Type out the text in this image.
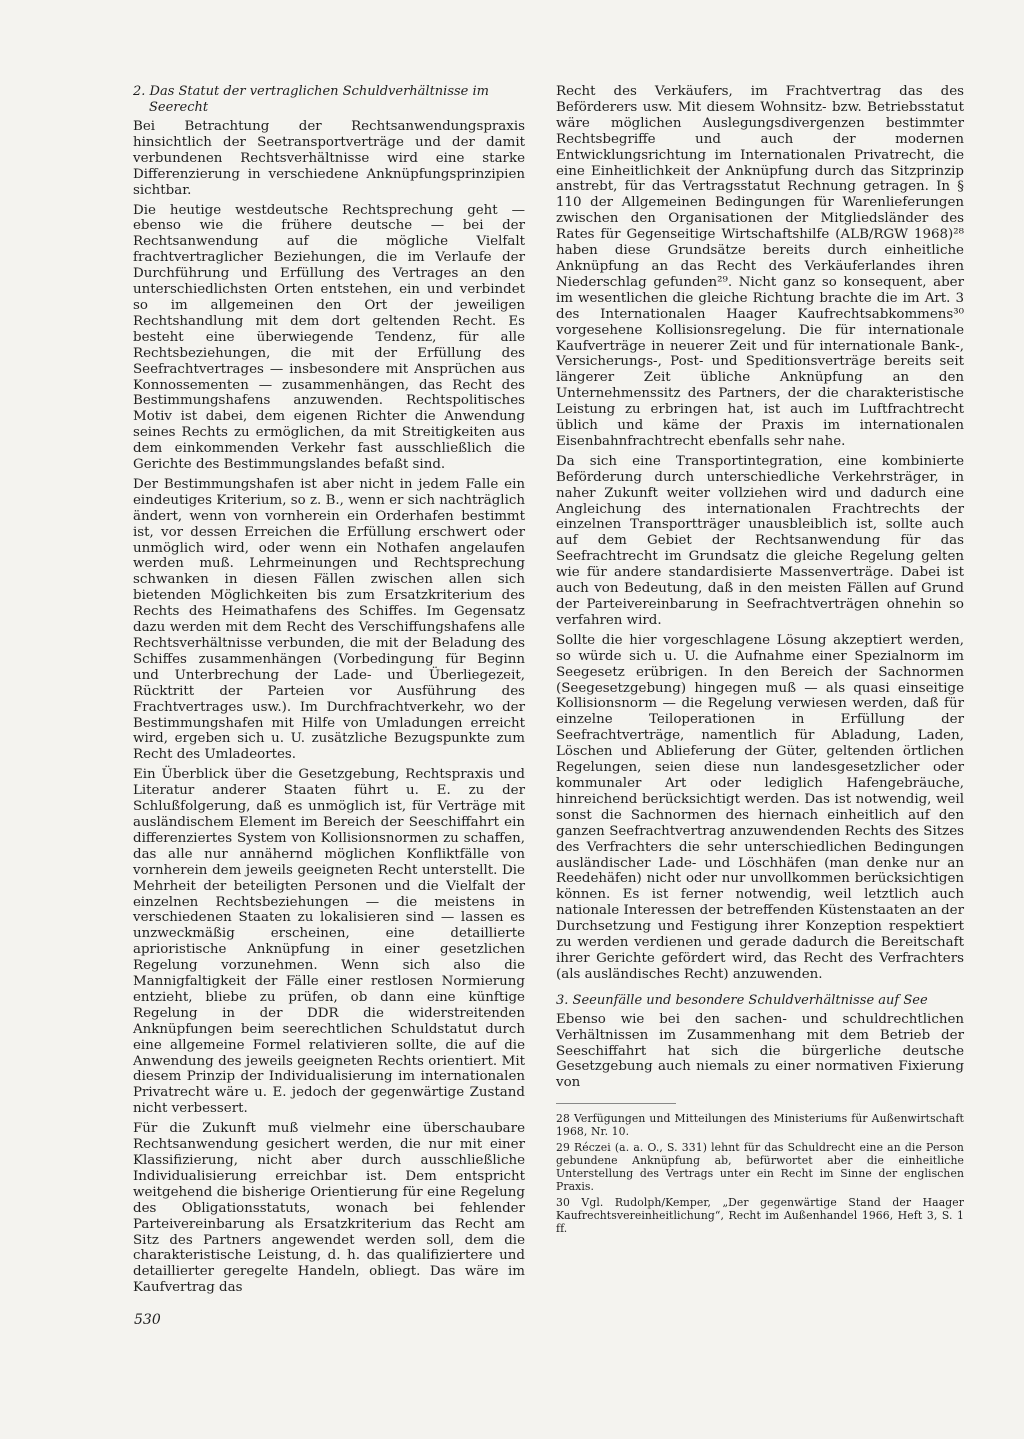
2. Das Statut der vertraglichen Schuldverhältnisse im Seerecht

Bei Betrachtung der Rechtsanwendungspraxis hinsichtlich der Seetransportverträge und der damit verbundenen Rechtsverhältnisse wird eine starke Differenzierung in verschiedene Anknüpfungsprinzipien sichtbar.

Die heutige westdeutsche Rechtsprechung geht — ebenso wie die frühere deutsche — bei der Rechtsanwendung auf die mögliche Vielfalt frachtvertraglicher Beziehungen, die im Verlaufe der Durchführung und Erfüllung des Vertrages an den unterschiedlichsten Orten entstehen, ein und verbindet so im allgemeinen den Ort der jeweiligen Rechtshandlung mit dem dort geltenden Recht. Es besteht eine überwiegende Tendenz, für alle Rechtsbeziehungen, die mit der Erfüllung des Seefrachtvertrages — insbesondere mit Ansprüchen aus Konnossementen — zusammenhängen, das Recht des Bestimmungshafens anzuwenden. Rechtspolitisches Motiv ist dabei, dem eigenen Richter die Anwendung seines Rechts zu ermöglichen, da mit Streitigkeiten aus dem einkommenden Verkehr fast ausschließlich die Gerichte des Bestimmungslandes befaßt sind.

Der Bestimmungshafen ist aber nicht in jedem Falle ein eindeutiges Kriterium, so z. B., wenn er sich nachträglich ändert, wenn von vornherein ein Orderhafen bestimmt ist, vor dessen Erreichen die Erfüllung erschwert oder unmöglich wird, oder wenn ein Nothafen angelaufen werden muß. Lehrmeinungen und Rechtsprechung schwanken in diesen Fällen zwischen allen sich bietenden Möglichkeiten bis zum Ersatzkriterium des Rechts des Heimathafens des Schiffes. Im Gegensatz dazu werden mit dem Recht des Verschiffungshafens alle Rechtsverhältnisse verbunden, die mit der Beladung des Schiffes zusammenhängen (Vorbedingung für Beginn und Unterbrechung der Lade- und Überliegezeit, Rücktritt der Parteien vor Ausführung des Frachtvertrages usw.). Im Durchfrachtverkehr, wo der Bestimmungshafen mit Hilfe von Umladungen erreicht wird, ergeben sich u. U. zusätzliche Bezugspunkte zum Recht des Umladeortes.

Ein Überblick über die Gesetzgebung, Rechtspraxis und Literatur anderer Staaten führt u. E. zu der Schlußfolgerung, daß es unmöglich ist, für Verträge mit ausländischem Element im Bereich der Seeschiffahrt ein differenziertes System von Kollisionsnormen zu schaffen, das alle nur annähernd möglichen Konfliktfälle von vornherein dem jeweils geeigneten Recht unterstellt. Die Mehrheit der beteiligten Personen und die Vielfalt der einzelnen Rechtsbeziehungen — die meistens in verschiedenen Staaten zu lokalisieren sind — lassen es unzweckmäßig erscheinen, eine detaillierte aprioristische Anknüpfung in einer gesetzlichen Regelung vorzunehmen. Wenn sich also die Mannigfaltigkeit der Fälle einer restlosen Normierung entzieht, bliebe zu prüfen, ob dann eine künftige Regelung in der DDR die widerstreitenden Anknüpfungen beim seerechtlichen Schuldstatut durch eine allgemeine Formel relativieren sollte, die auf die Anwendung des jeweils geeigneten Rechts orientiert. Mit diesem Prinzip der Individualisierung im internationalen Privatrecht wäre u. E. jedoch der gegenwärtige Zustand nicht verbessert.

Für die Zukunft muß vielmehr eine überschaubare Rechtsanwendung gesichert werden, die nur mit einer Klassifizierung, nicht aber durch ausschließliche Individualisierung erreichbar ist. Dem entspricht weitgehend die bisherige Orientierung für eine Regelung des Obligationsstatuts, wonach bei fehlender Parteivereinbarung als Ersatzkriterium das Recht am Sitz des Partners angewendet werden soll, dem die charakteristische Leistung, d. h. das qualifiziertere und detaillierter geregelte Handeln, obliegt. Das wäre im Kaufvertrag das

Recht des Verkäufers, im Frachtvertrag das des Beförderers usw. Mit diesem Wohnsitz- bzw. Betriebsstatut wäre möglichen Auslegungsdivergenzen bestimmter Rechtsbegriffe und auch der modernen Entwicklungsrichtung im Internationalen Privatrecht, die eine Einheitlichkeit der Anknüpfung durch das Sitzprinzip anstrebt, für das Vertragsstatut Rechnung getragen. In § 110 der Allgemeinen Bedingungen für Warenlieferungen zwischen den Organisationen der Mitgliedsländer des Rates für Gegenseitige Wirtschaftshilfe (ALB/RGW 1968)²⁸ haben diese Grundsätze bereits durch einheitliche Anknüpfung an das Recht des Verkäuferlandes ihren Niederschlag gefunden²⁹. Nicht ganz so konsequent, aber im wesentlichen die gleiche Richtung brachte die im Art. 3 des Internationalen Haager Kaufrechtsabkommens³⁰ vorgesehene Kollisionsregelung. Die für internationale Kaufverträge in neuerer Zeit und für internationale Bank-, Versicherungs-, Post- und Speditionsverträge bereits seit längerer Zeit übliche Anknüpfung an den Unternehmenssitz des Partners, der die charakteristische Leistung zu erbringen hat, ist auch im Luftfrachtrecht üblich und käme der Praxis im internationalen Eisenbahnfrachtrecht ebenfalls sehr nahe.

Da sich eine Transportintegration, eine kombinierte Beförderung durch unterschiedliche Verkehrsträger, in naher Zukunft weiter vollziehen wird und dadurch eine Angleichung des internationalen Frachtrechts der einzelnen Transportträger unausbleiblich ist, sollte auch auf dem Gebiet der Rechtsanwendung für das Seefrachtrecht im Grundsatz die gleiche Regelung gelten wie für andere standardisierte Massenverträge. Dabei ist auch von Bedeutung, daß in den meisten Fällen auf Grund der Parteivereinbarung in Seefrachtverträgen ohnehin so verfahren wird.

Sollte die hier vorgeschlagene Lösung akzeptiert werden, so würde sich u. U. die Aufnahme einer Spezialnorm im Seegesetz erübrigen. In den Bereich der Sachnormen (Seegesetzgebung) hingegen muß — als quasi einseitige Kollisionsnorm — die Regelung verwiesen werden, daß für einzelne Teiloperationen in Erfüllung der Seefrachtverträge, namentlich für Abladung, Laden, Löschen und Ablieferung der Güter, geltenden örtlichen Regelungen, seien diese nun landesgesetzlicher oder kommunaler Art oder lediglich Hafengebräuche, hinreichend berücksichtigt werden. Das ist notwendig, weil sonst die Sachnormen des hiernach einheitlich auf den ganzen Seefrachtvertrag anzuwendenden Rechts des Sitzes des Verfrachters die sehr unterschiedlichen Bedingungen ausländischer Lade- und Löschhäfen (man denke nur an Reedehäfen) nicht oder nur unvollkommen berücksichtigen können. Es ist ferner notwendig, weil letztlich auch nationale Interessen der betreffenden Küstenstaaten an der Durchsetzung und Festigung ihrer Konzeption respektiert zu werden verdienen und gerade dadurch die Bereitschaft ihrer Gerichte gefördert wird, das Recht des Verfrachters (als ausländisches Recht) anzuwenden.

3. Seeunfälle und besondere Schuldverhältnisse auf See

Ebenso wie bei den sachen- und schuldrechtlichen Verhältnissen im Zusammenhang mit dem Betrieb der Seeschiffahrt hat sich die bürgerliche deutsche Gesetzgebung auch niemals zu einer normativen Fixierung von

28 Verfügungen und Mitteilungen des Ministeriums für Außenwirtschaft 1968, Nr. 10.

29 Réczei (a. a. O., S. 331) lehnt für das Schuldrecht eine an die Person gebundene Anknüpfung ab, befürwortet aber die einheitliche Unterstellung des Vertrags unter ein Recht im Sinne der englischen Praxis.

30 Vgl. Rudolph/Kemper, „Der gegenwärtige Stand der Haager Kaufrechtsvereinheitlichung“, Recht im Außenhandel 1966, Heft 3, S. 1 ff.

530
